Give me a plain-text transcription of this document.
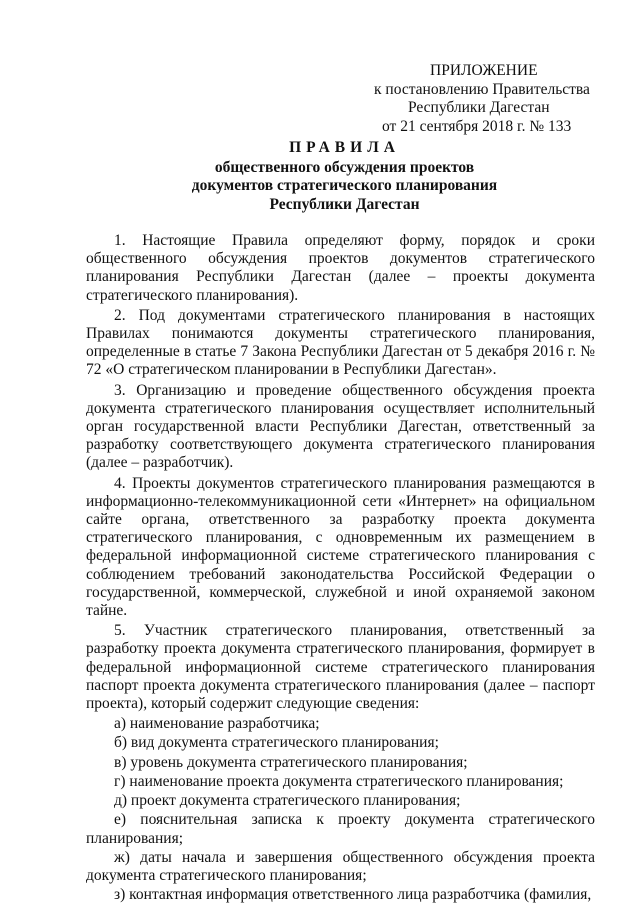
ПРИЛОЖЕНИЕ
к постановлению Правительства
Республики Дагестан
от 21 сентября 2018 г. № 133
ПРАВИЛА
общественного обсуждения проектов
документов стратегического планирования
Республики Дагестан

1. Настоящие Правила определяют форму, порядок и сроки общественного обсуждения проектов документов стратегического планирования Республики Дагестан (далее – проекты документа стратегического планирования).

2. Под документами стратегического планирования в настоящих Правилах понимаются документы стратегического планирования, определенные в статье 7 Закона Республики Дагестан от 5 декабря 2016 г. № 72 «О стратегическом планировании в Республики Дагестан».

3. Организацию и проведение общественного обсуждения проекта документа стратегического планирования осуществляет исполнительный орган государственной власти Республики Дагестан, ответственный за разработку соответствующего документа стратегического планирования (далее – разработчик).

4. Проекты документов стратегического планирования размещаются в информационно-телекоммуникационной сети «Интернет» на официальном сайте органа, ответственного за разработку проекта документа стратегического планирования, с одновременным их размещением в федеральной информационной системе стратегического планирования с соблюдением требований законодательства Российской Федерации о государственной, коммерческой, служебной и иной охраняемой законом тайне.

5. Участник стратегического планирования, ответственный за разработку проекта документа стратегического планирования, формирует в федеральной информационной системе стратегического планирования паспорт проекта документа стратегического планирования (далее – паспорт проекта), который содержит следующие сведения:

а) наименование разработчика;

б) вид документа стратегического планирования;

в) уровень документа стратегического планирования;

г) наименование проекта документа стратегического планирования;

д) проект документа стратегического планирования;

е) пояснительная записка к проекту документа стратегического планирования;

ж) даты начала и завершения общественного обсуждения проекта документа стратегического планирования;

з) контактная информация ответственного лица разработчика (фамилия,
